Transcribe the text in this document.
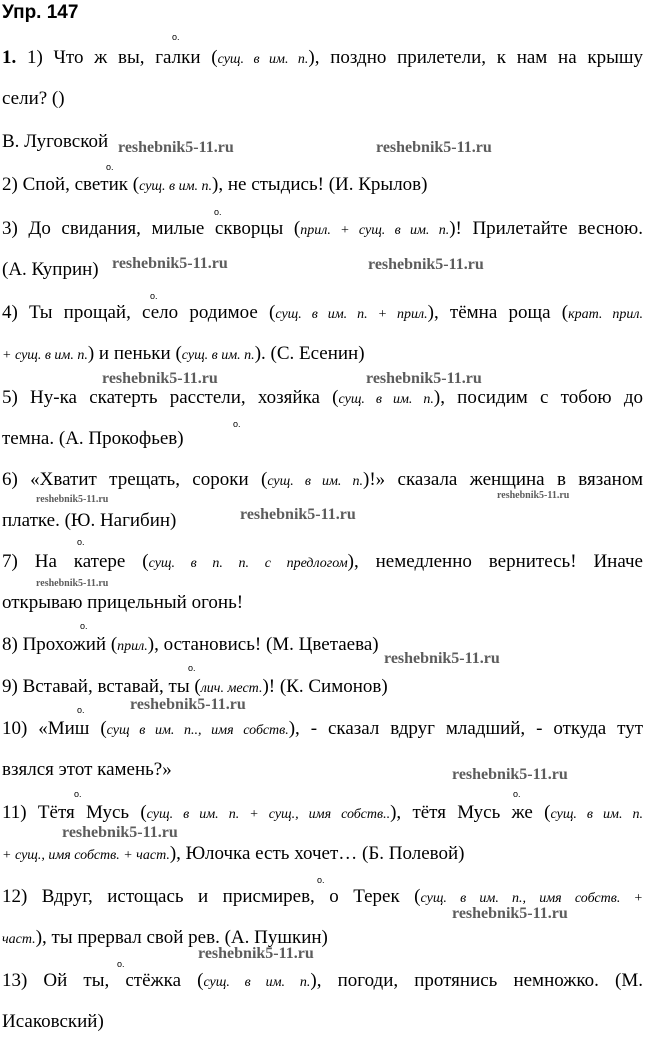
Упр. 147
о.
о.
о.
о.
о.
о.
о.
о.
о.
о.	о.
о.
о.
1. 1) Что ж вы, галки (сущ. в им. п.), поздно прилетели, к нам на крышу
сели? ()
В. Луговской
2) Спой, светик (сущ. в им. п.), не стыдись! (И. Крылов)
3) До свидания, милые скворцы (прил. + сущ. в им. п.)! Прилетайте весною.
(А. Куприн)
4) Ты прощай, село родимое (сущ. в им. п. + прил.), тёмна роща (крат. прил.
+ сущ. в им. п.) и пеньки (сущ. в им. п.). (С. Есенин)
5) Ну-ка скатерть расстели, хозяйка (сущ. в им. п.), посидим с тобою до
темна. (А. Прокофьев)
6) «Хватит трещать, сороки (сущ. в им. п.)!» сказала женщина в вязаном
платке. (Ю. Нагибин)
7) На катере (сущ. в п. п. с предлогом), немедленно вернитесь! Иначе
открываю прицельный огонь!
8) Прохожий (прил.), остановись! (М. Цветаева)
9) Вставай, вставай, ты (лич. мест.)! (К. Симонов)
10) «Миш (сущ в им. п.., имя собств.), - сказал вдруг младший, - откуда тут
взялся этот камень?»
11) Тётя Мусь (сущ. в им. п. + сущ., имя собств..), тётя Мусь же (сущ. в им. п.
+ сущ., имя собств. + част.), Юлочка есть хочет… (Б. Полевой)
12) Вдруг, истощась и присмирев, о Терек (сущ. в им. п., имя собств. +
част.), ты прервал свой рев. (А. Пушкин)
13) Ой ты, стёжка (сущ. в им. п.), погоди, протянись немножко. (М.
Исаковский)
reshebnik5-11.ru	reshebnik5-11.ru
reshebnik5-11.ru	reshebnik5-11.ru
reshebnik5-11.ru	reshebnik5-11.ru
reshebnik5-11.ru	reshebnik5-11.ru
reshebnik5-11.ru
reshebnik5-11.ru
reshebnik5-11.ru
reshebnik5-11.ru
reshebnik5-11.ru
reshebnik5-11.ru
reshebnik5-11.ru
reshebnik5-11.ru
